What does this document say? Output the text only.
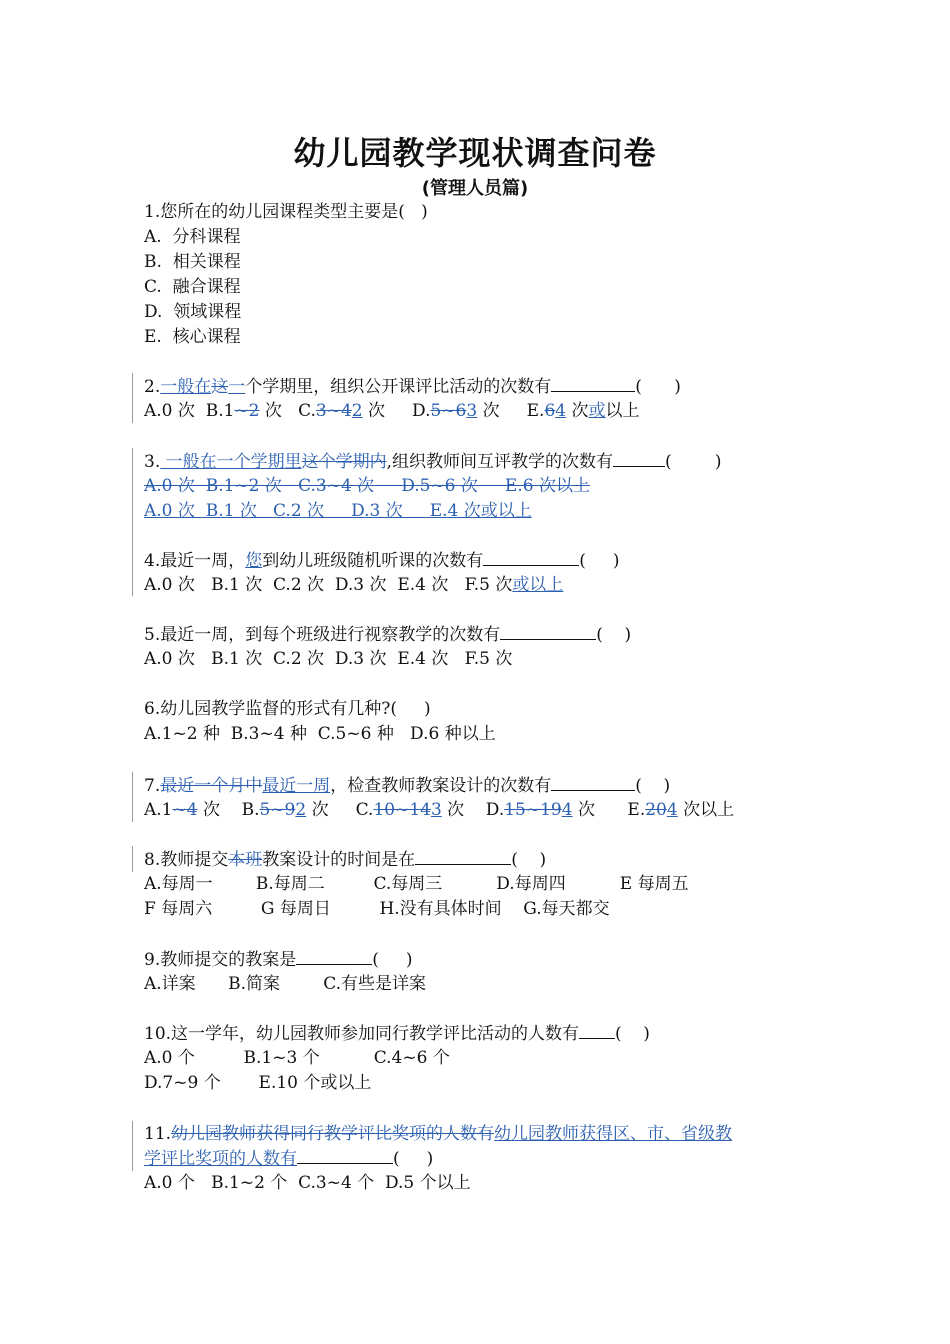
幼儿园教学现状调查问卷
(管理人员篇)
1.您所在的幼儿园课程类型主要是(   )
A.  分科课程
B.  相关课程
C.  融合课程
D.  领域课程
E.  核心课程
2.一般在这一个学期里，组织公开课评比活动的次数有	(      )
A.0 次  B.1~2 次   C.3~42 次     D.5~63 次     E.64 次或以上
3. 一般在一个学期里这个学期内,组织教师间互评教学的次数有	(        )
A.0 次  B.1~2 次   C.3~4 次     D.5~6 次     E.6 次以上
A.0 次  B.1 次   C.2 次     D.3 次     E.4 次或以上
4.最近一周，您到幼儿班级随机听课的次数有	(     )
A.0 次   B.1 次  C.2 次  D.3 次  E.4 次   F.5 次或以上
5.最近一周，到每个班级进行视察教学的次数有	(    )
A.0 次   B.1 次  C.2 次  D.3 次  E.4 次   F.5 次
6.幼儿园教学监督的形式有几种?(     )
A.1~2 种  B.3~4 种  C.5~6 种   D.6 种以上
7.最近一个月中最近一周，检查教师教案设计的次数有	(    )
A.1~4 次    B.5~92 次     C.10~143 次    D.15~194 次      E.204 次以上
8.教师提交本班教案设计的时间是在	(    )
A.每周一        B.每周二         C.每周三          D.每周四          E 每周五
F 每周六         G 每周日         H.没有具体时间    G.每天都交
9.教师提交的教案是	(     )
A.详案      B.简案        C.有些是详案
10.这一学年，幼儿园教师参加同行教学评比活动的人数有 (    )
A.0 个         B.1~3 个          C.4~6 个
D.7~9 个       E.10 个或以上
11.幼儿园教师获得同行教学评比奖项的人数有幼儿园教师获得区、市、省级教
学评比奖项的人数有	(     )
A.0 个   B.1~2 个  C.3~4 个  D.5 个以上
